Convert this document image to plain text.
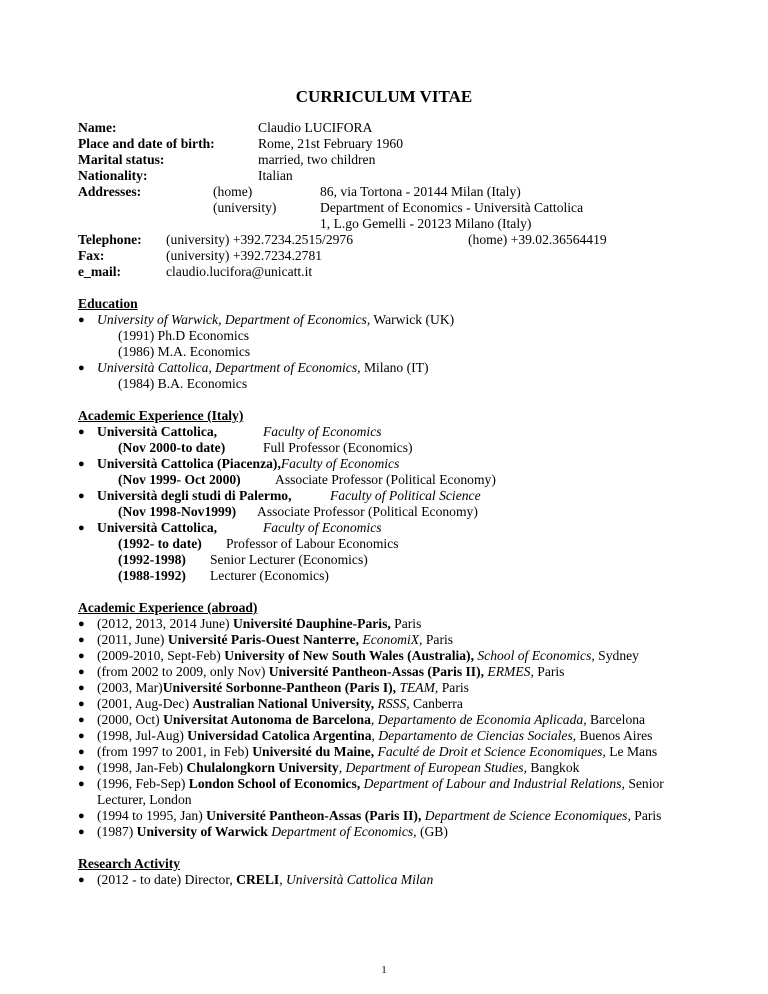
CURRICULUM VITAE
Name:	Claudio LUCIFORA
Place and date of birth:	Rome, 21st February 1960
Marital status:	married, two children
Nationality:	Italian
Addresses:	(home)	86, via Tortona - 20144 Milan (Italy)
(university)	Department of Economics - Università Cattolica
1, L.go Gemelli - 20123 Milano (Italy)
Telephone: (university) +392.7234.2515/2976	(home) +39.02.36564419
Fax:	(university) +392.7234.2781
e_mail:	claudio.lucifora@unicatt.it
Education
● University of Warwick, Department of Economics, Warwick (UK)
(1991) Ph.D Economics
(1986) M.A. Economics
● Università Cattolica, Department of Economics, Milano (IT)
(1984) B.A. Economics
Academic Experience (Italy)
● Università Cattolica,	Faculty of Economics
(Nov 2000-to date)	Full Professor (Economics)
● Università Cattolica (Piacenza),Faculty of Economics
(Nov 1999- Oct 2000)	Associate Professor (Political Economy)
● Università degli studi di Palermo,	Faculty of Political Science
(Nov 1998-Nov1999) Associate Professor (Political Economy)
● Università Cattolica,	Faculty of Economics
(1992- to date) Professor of Labour Economics
(1992-1998) Senior Lecturer (Economics)
(1988-1992) Lecturer (Economics)
Academic Experience (abroad)
● (2012, 2013, 2014 June) Université Dauphine-Paris, Paris
● (2011, June) Université Paris-Ouest Nanterre, EconomiX, Paris
● (2009-2010, Sept-Feb) University of New South Wales (Australia), School of Economics, Sydney
● (from 2002 to 2009, only Nov) Université Pantheon-Assas (Paris II), ERMES, Paris
● (2003, Mar)Université Sorbonne-Pantheon (Paris I), TEAM, Paris
● (2001, Aug-Dec) Australian National University, RSSS, Canberra
● (2000, Oct) Universitat Autonoma de Barcelona, Departamento de Economia Aplicada, Barcelona
● (1998, Jul-Aug) Universidad Catolica Argentina, Departamento de Ciencias Sociales, Buenos Aires
● (from 1997 to 2001, in Feb) Université du Maine, Faculté de Droit et Science Economiques, Le Mans
● (1998, Jan-Feb) Chulalongkorn University, Department of European Studies, Bangkok
● (1996, Feb-Sep) London School of Economics, Department of Labour and Industrial Relations, Senior
Lecturer, London
● (1994 to 1995, Jan) Université Pantheon-Assas (Paris II), Department de Science Economiques, Paris
● (1987) University of Warwick Department of Economics, (GB)
Research Activity
● (2012 - to date) Director, CRELI, Università Cattolica Milan
1
